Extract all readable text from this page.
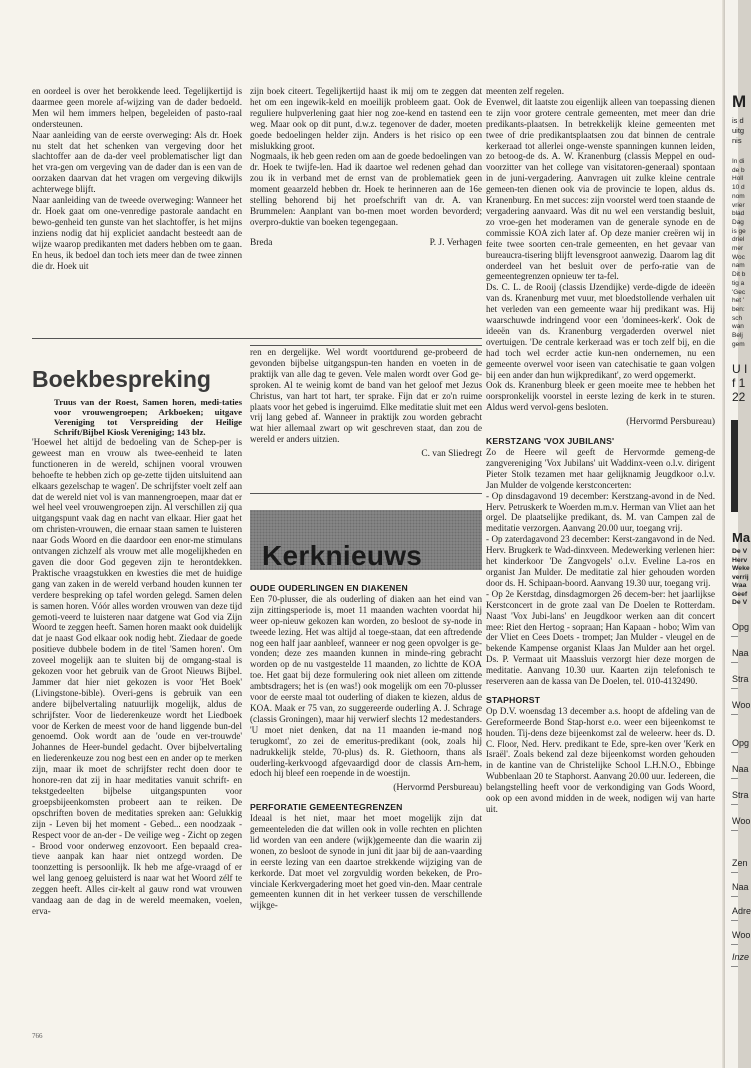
en oordeel is over het berokkende leed. Tegelijkertijd is daarmee geen morele af-wijzing van de dader bedoeld. Men wil hem immers helpen, begeleiden of pasto-raal ondersteunen.

Naar aanleiding van de eerste overweging: Als dr. Hoek nu stelt dat het schenken van vergeving door het slachtoffer aan de da-der veel problematischer ligt dan het vra-gen om vergeving van de dader dan is een van de oorzaken daarvan dat het vragen om vergeving dikwijls achterwege blijft.

Naar aanleiding van de tweede overweging: Wanneer het dr. Hoek gaat om one-venredige pastorale aandacht en bewo-genheid ten gunste van het slachtoffer, is het mijns inziens nodig dat hij expliciet aandacht besteedt aan de wijze waarop predikanten met daders hebben om te gaan. En heus, ik bedoel dan toch iets meer dan de twee zinnen die dr. Hoek uit

zijn boek citeert. Tegelijkertijd haast ik mij om te zeggen dat het om een ingewik-keld en moeilijk probleem gaat. Ook de reguliere hulpverlening gaat hier nog zoe-kend en tastend een weg. Maar ook op dit punt, d.w.z. tegenover de dader, moeten goede bedoelingen helder zijn. Anders is het risico op een mislukking groot.

Nogmaals, ik heb geen reden om aan de goede bedoelingen van dr. Hoek te twijfe-len. Had ik daartoe wel redenen gehad dan zou ik in verband met de ernst van de problematiek geen moment geaarzeld hebben dr. Hoek te herinneren aan de 16e stelling behorend bij het proefschrift van dr. A. van Brummelen: Aanplant van bo-men moet worden bevorderd; overpro-duktie van boeken tegengegaan.

Breda	P. J. Verhagen
Boekbespreking

Truus van der Roest, Samen horen, medi-taties voor vrouwengroepen; Arkboeken; uitgave Vereniging tot Verspreiding der Heilige Schrift/Bijbel Kiosk Vereniging; 143 blz.

'Hoewel het altijd de bedoeling van de Schep-per is geweest man en vrouw als twee-eenheid te laten functioneren in de wereld, schijnen vooral vrouwen behoefte te hebben zich op ge-zette tijden uitsluitend aan elkaars gezelschap te wagen'. De schrijfster voelt zelf aan dat de wereld niet vol is van mannengroepen, maar dat er wel heel veel vrouwengroepen zijn. Al verschillen zij qua uitgangspunt vaak dag en nacht van elkaar. Hier gaat het om christen-vrouwen, die ernaar staan samen te luisteren naar Gods Woord en die daardoor een enor-me stimulans ontvangen zichzelf als vrouw met alle mogelijkheden en gaven die door God gegeven zijn te herontdekken. Praktische vraagstukken en kwesties die met de huidige gang van zaken in de wereld verband houden kunnen ter verdere bespreking op tafel worden gelegd. Samen delen is samen horen. Vóór alles worden vrouwen van deze tijd gemoti-veerd te luisteren naar datgene wat God via Zijn Woord te zeggen heeft. Samen horen maakt ook duidelijk dat je naast God elkaar ook nodig hebt. Ziedaar de goede positieve dubbele bodem in de titel 'Samen horen'. Om zoveel mogelijk aan te sluiten bij de omgang-staal is gekozen voor het gebruik van de Groot Nieuws Bijbel. Jammer dat hier niet gekozen is voor 'Het Boek' (Livingstone-bible). Overi-gens is gebruik van een andere bijbelvertaling natuurlijk mogelijk, aldus de schrijfster. Voor de liederenkeuze wordt het Liedboek voor de Kerken de meest voor de hand liggende bun-del genoemd. Ook wordt aan de 'oude en ver-trouwde' Johannes de Heer-bundel gedacht. Over bijbelvertaling en liederenkeuze zou nog best een en ander op te merken zijn, maar ik moet de schrijfster recht doen door te honore-ren dat zij in haar meditaties vanuit schrift- en tekstgedeelten bijbelse uitgangspunten voor groepsbijeenkomsten probeert aan te reiken. De opschriften boven de meditaties spreken aan: Gelukkig zijn - Leven bij het moment - Gebed... een noodzaak - Respect voor de an-der - De veilige weg - Zicht op zegen - Brood voor onderweg enzovoort. Een bepaald crea-tieve aanpak kan haar niet ontzegd worden. De toonzetting is persoonlijk. Ik heb me afge-vraagd of er wel lang genoeg geluisterd is naar wat het Woord zélf te zeggen heeft. Alles cir-kelt al gauw rond wat vrouwen vandaag aan de dag in de wereld meemaken, voelen, erva-

ren en dergelijke. Wel wordt voortdurend ge-probeerd de gevonden bijbelse uitgangspun-ten handen en voeten in de praktijk van alle dag te geven. Vele malen wordt over God ge-sproken. Al te weinig komt de band van het geloof met Jezus Christus, van hart tot hart, ter sprake. Fijn dat er zo'n ruime plaats voor het gebed is ingeruimd. Elke meditatie sluit met een vrij lang gebed af. Wanneer in praktijk zou worden gebracht wat hier allemaal zwart op wit geschreven staat, dan zou de wereld er anders uitzien.

C. van Sliedregt
Kerknieuws
OUDE OUDERLINGEN EN DIAKENEN

Een 70-plusser, die als ouderling of diaken aan het eind van zijn zittingsperiode is, moet 11 maanden wachten voordat hij weer op-nieuw gekozen kan worden, zo besloot de sy-node in tweede lezing. Het was altijd al toege-staan, dat een aftredende nog een half jaar aanbleef, wanneer er nog geen opvolger is ge-vonden; deze zes maanden kunnen in minde-ring gebracht worden op de nu vastgestelde 11 maanden, zo lichtte de KOA toe. Het gaat bij deze formulering ook niet alleen om zittende ambtsdragers; het is (en was!) ook mogelijk om een 70-plusser voor de eerste maal tot ouderling of diaken te kiezen, aldus de KOA. Maak er 75 van, zo suggereerde ouderling A. J. Schrage (classis Groningen), maar hij verwierf slechts 12 medestanders. 'U moet niet denken, dat na 11 maanden ie-mand nog terugkomt', zo zei de emeritus-predikant (ook, zoals hij nadrukkelijk stelde, 70-plus) ds. R. Giethoorn, thans als ouderling-kerkvoogd afgevaardigd door de classis Arn-hem, edoch hij bleef een roepende in de woestijn.

(Hervormd Persbureau)
PERFORATIE GEMEENTEGRENZEN

Ideaal is het niet, maar het moet mogelijk zijn dat gemeenteleden die dat willen ook in volle rechten en plichten lid worden van een andere (wijk)gemeente dan die waarin zij wonen, zo besloot de synode in juni dit jaar bij de aan-vaarding in eerste lezing van een daartoe strekkende wijziging van de kerkorde. Dat moet vel zorgvuldig worden bekeken, de Pro-vinciale Kerkvergadering moet het goed vin-den. Maar centrale gemeenten kunnen dit in het verkeer tussen de verschillende wijkge-

meenten zelf regelen.

Evenwel, dit laatste zou eigenlijk alleen van toepassing dienen te zijn voor grotere centrale gemeenten, met meer dan drie predikants-plaatsen. In betrekkelijk kleine gemeenten met twee of drie predikantsplaatsen zou dat binnen de centrale kerkeraad tot allerlei onge-wenste spanningen kunnen leiden, zo betoog-de ds. A. W. Kranenburg (classis Meppel en oud-voorzitter van het college van visitatoren-generaal) spontaan in de juni-vergadering. Aanvragen uit zulke kleine centrale gemeen-ten dienen ook via de provincie te lopen, aldus ds. Kranenburg. En met succes: zijn voorstel werd toen staande de vergadering aanvaard. Was dit nu wel een verstandig besluit, zo vroe-gen het moderamen van de generale synode en de commissie KOA zich later af. Op deze manier creëren wij in feite twee soorten cen-trale gemeenten, en het gevaar van bureaucra-tisering blijft levensgroot aanwezig. Daarom lag dit onderdeel van het besluit over de perfo-ratie van de gemeentegrenzen opnieuw ter ta-fel.

Ds. C. L. de Rooij (classis IJzendijke) verde-digde de ideeën van ds. Kranenburg met vuur, met bloedstollende verhalen uit het verleden van een gemeente waar hij predikant was. Hij waarschuwde indringend voor een 'dominees-kerk'. Ook de ideeën van ds. Kranenburg vergaderden overwel niet overtuigen. 'De centrale kerkeraad was er toch zelf bij, en die had toch wel ecrder actie kun-nen ondernemen, nu een gemeente overwel voor iseen van catechisatie te gaan volgen bij een ander dan hun wijkpredikant', zo werd opgemerkt.

Ook ds. Kranenburg bleek er geen moeite mee te hebben het oorspronkelijk voorstel in eerste lezing de kerk in te sturen. Aldus werd vervol-gens besloten.

(Hervormd Persbureau)
KERSTZANG 'VOX JUBILANS'

Zo de Heere wil geeft de Hervormde gemeng-de zangvereniging 'Vox Jubilans' uit Waddinx-veen o.l.v. dirigent Pieter Stolk tezamen met haar gelijknamig Jeugdkoor o.l.v. Jan Mulder de volgende kerstconcerten:

- Op dinsdagavond 19 december: Kerstzang-avond in de Ned. Herv. Petruskerk te Woerden m.m.v. Herman van Vliet aan het orgel. De plaatselijke predikant, ds. M. van Campen zal de meditatie verzorgen. Aanvang 20.00 uur, toegang vrij.

- Op zaterdagavond 23 december: Kerst-zangavond in de Ned. Herv. Brugkerk te Wad-dinxveen. Medewerking verlenen hier: het kinderkoor 'De Zangvogels' o.l.v. Eveline La-ros en organist Jan Mulder. De meditatie zal hier gehouden worden door ds. H. Schipaan-boord. Aanvang 19.30 uur, toegang vrij.

- Op 2e Kerstdag, dinsdagmorgen 26 decem-ber: het jaarlijkse Kerstconcert in de grote zaal van De Doelen te Rotterdam. Naast 'Vox Jubi-lans' en Jeugdkoor werken aan dit concert mee: Riet den Hertog - sopraan; Han Kapaan - hobo; Wim van der Vliet en Cees Doets - trompet; Jan Mulder - vleugel en de bekende Kampense organist Klaas Jan Mulder aan het orgel. Ds. P. Vermaat uit Maassluis verzorgt hier deze morgen de meditatie. Aanvang 10.30 uur. Kaarten zijn telefonisch te reserveren aan de kassa van De Doelen, tel. 010-4132490.

STAPHORST

Op D.V. woensdag 13 december a.s. hoopt de afdeling van de Gereformeerde Bond Stap-horst e.o. weer een bijeenkomst te houden. Tij-dens deze bijeenkomst zal de weleerw. heer ds. D. C. Floor, Ned. Herv. predikant te Ede, spre-ken over 'Kerk en Israël'. Zoals bekend zal deze bijeenkomst worden gehouden in de kantine van de Christelijke School L.H.N.O., Ebbinge Wubbenlaan 20 te Staphorst. Aanvang 20.00 uur. Iedereen, die belangstelling heeft voor de verkondiging van Gods Woord, ook op een avond midden in de week, nodigen wij van harte uit.

766
M
is d
uitg
nis
In di
de b
Holl
10 d
nom
vrier
blad
Dag
is ge
driel
mer
Woc
nam
Dit b
tig a
'Gec
het '
ben:
sch
wan
Belj
gem
U I
f 1
22
Ma
De V
Herv
Weke
verrij
Vraa
Geef
De V
Opg
Naa
Stra
Woo
Opg
Naa
Stra
Woo
Zen
Naa
Adre
Woo
Inze
